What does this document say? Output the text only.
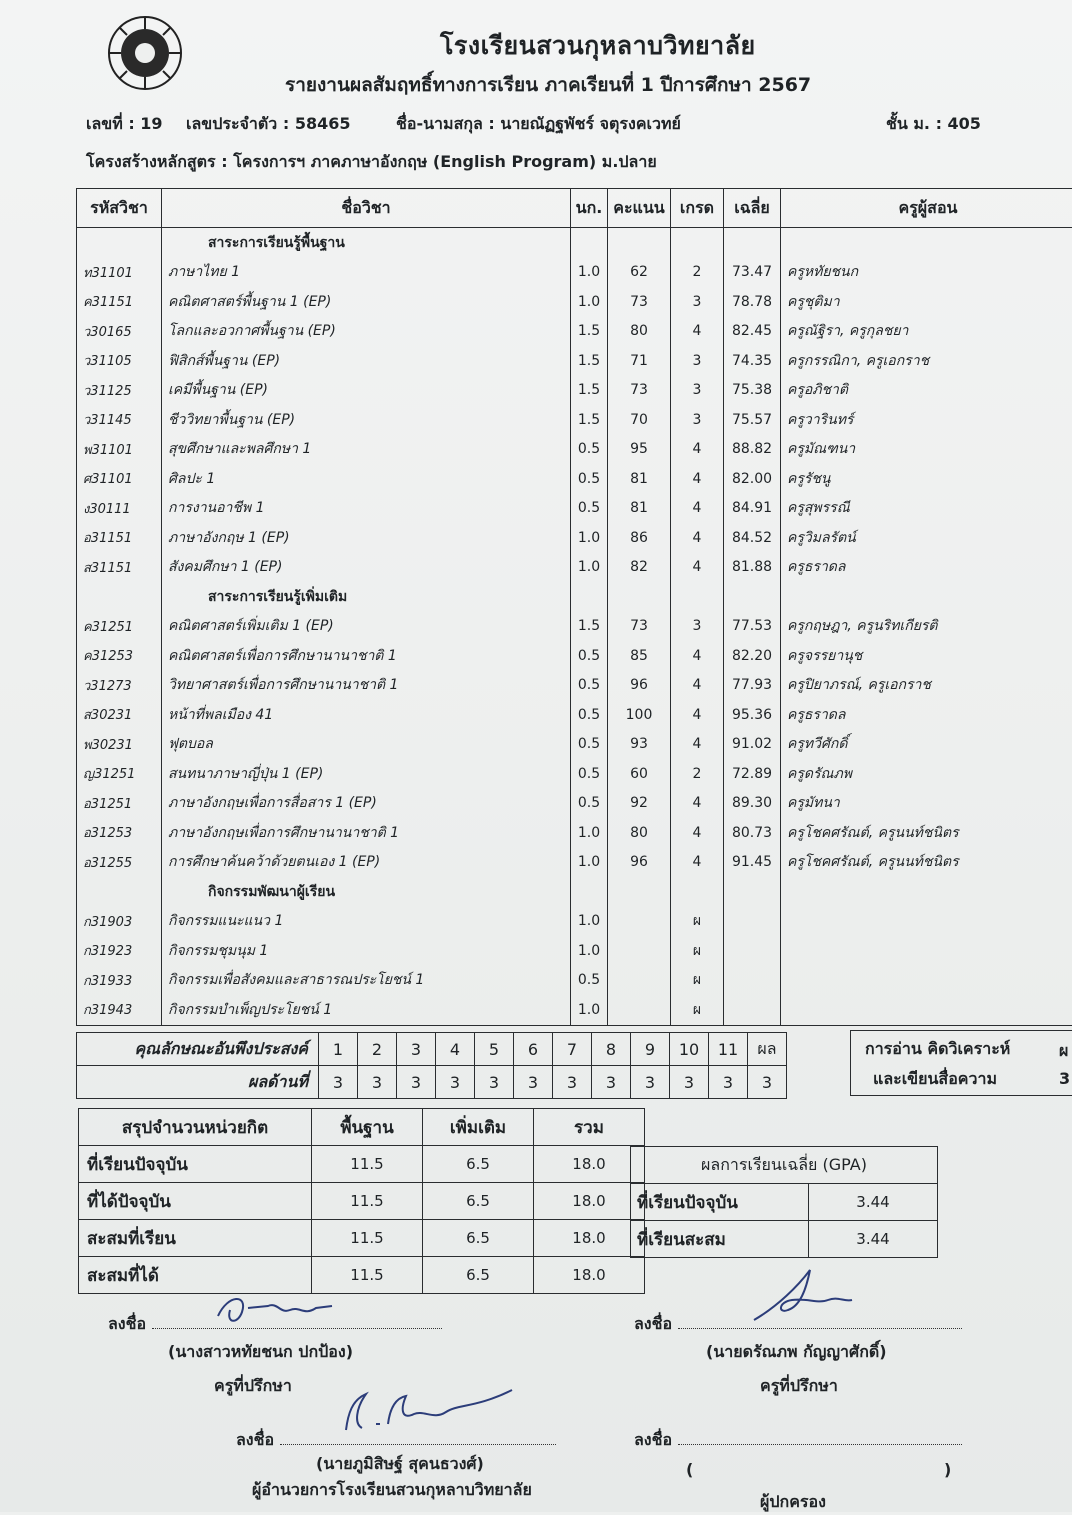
โรงเรียนสวนกุหลาบวิทยาลัย
รายงานผลสัมฤทธิ์ทางการเรียน ภาคเรียนที่ 1 ปีการศึกษา 2567
เลขที่ : 19 เลขประจำตัว : 58465	ชื่อ-นามสกุล : นายณัฏฐพัชร์ จตุรงคเวทย์	ชั้น ม. : 405
โครงสร้างหลักสูตร : โครงการฯ ภาคภาษาอังกฤษ (English Program) ม.ปลาย
รหัสวิชา	ชื่อวิชา	นก.	คะแนน	เกรด	เฉลี่ย	ครูผู้สอน
	สาระการเรียนรู้พื้นฐาน					
ท31101	ภาษาไทย 1	1.0	62	2	73.47	ครูหทัยชนก
ค31151	คณิตศาสตร์พื้นฐาน 1 (EP)	1.0	73	3	78.78	ครูชุติมา
ว30165	โลกและอวกาศพื้นฐาน (EP)	1.5	80	4	82.45	ครูณัฐิรา, ครูกุลชยา
ว31105	ฟิสิกส์พื้นฐาน (EP)	1.5	71	3	74.35	ครูกรรณิกา, ครูเอกราช
ว31125	เคมีพื้นฐาน (EP)	1.5	73	3	75.38	ครูอภิชาติ
ว31145	ชีววิทยาพื้นฐาน (EP)	1.5	70	3	75.57	ครูวารินทร์
พ31101	สุขศึกษาและพลศึกษา 1	0.5	95	4	88.82	ครูมัณฑนา
ศ31101	ศิลปะ 1	0.5	81	4	82.00	ครูรัชนู
ง30111	การงานอาชีพ 1	0.5	81	4	84.91	ครูสุพรรณี
อ31151	ภาษาอังกฤษ 1 (EP)	1.0	86	4	84.52	ครูวิมลรัตน์
ส31151	สังคมศึกษา 1 (EP)	1.0	82	4	81.88	ครูธราดล
	สาระการเรียนรู้เพิ่มเติม					
ค31251	คณิตศาสตร์เพิ่มเติม 1 (EP)	1.5	73	3	77.53	ครูกฤษฎา, ครูนริทเกียรติ
ค31253	คณิตศาสตร์เพื่อการศึกษานานาชาติ 1	0.5	85	4	82.20	ครูจรรยานุช
ว31273	วิทยาศาสตร์เพื่อการศึกษานานาชาติ 1	0.5	96	4	77.93	ครูปิยาภรณ์, ครูเอกราช
ส30231	หน้าที่พลเมือง 41	0.5	100	4	95.36	ครูธราดล
พ30231	ฟุตบอล	0.5	93	4	91.02	ครูทวีศักดิ์
ญ31251	สนทนาภาษาญี่ปุ่น 1 (EP)	0.5	60	2	72.89	ครูดรัณภพ
อ31251	ภาษาอังกฤษเพื่อการสื่อสาร 1 (EP)	0.5	92	4	89.30	ครูมัทนา
อ31253	ภาษาอังกฤษเพื่อการศึกษานานาชาติ 1	1.0	80	4	80.73	ครูโชคศรัณต์, ครูนนท์ชนิตร
อ31255	การศึกษาค้นคว้าด้วยตนเอง 1 (EP)	1.0	96	4	91.45	ครูโชคศรัณต์, ครูนนท์ชนิตร
	กิจกรรมพัฒนาผู้เรียน					
ก31903	กิจกรรมแนะแนว 1	1.0		ผ		
ก31923	กิจกรรมชุมนุม 1	1.0		ผ		
ก31933	กิจกรรมเพื่อสังคมและสาธารณประโยชน์ 1	0.5		ผ		
ก31943	กิจกรรมบำเพ็ญประโยชน์ 1	1.0		ผ		
คุณลักษณะอันพึงประสงค์	1	2	3	4	5	6	7	8	9	10	11	ผล
ผลด้านที่	3	3	3	3	3	3	3	3	3	3	3	3
การอ่าน คิดวิเคราะห์
และเขียนสื่อความ
ผ
3
สรุปจำนวนหน่วยกิต	พื้นฐาน	เพิ่มเติม	รวม
ที่เรียนปัจจุบัน	11.5	6.5	18.0
ที่ได้ปัจจุบัน	11.5	6.5	18.0
สะสมที่เรียน	11.5	6.5	18.0
สะสมที่ได้	11.5	6.5	18.0
ผลการเรียนเฉลี่ย (GPA)	
ที่เรียนปัจจุบัน	3.44
ที่เรียนสะสม	3.44
ลงชื่อ
(นางสาวหทัยชนก ปกป้อง)
ครูที่ปรึกษา
ลงชื่อ
(นายดรัณภพ กัญญาศักดิ์)
ครูที่ปรึกษา
ลงชื่อ
(นายภูมิสิษฐ์ สุคนธวงศ์)
ผู้อำนวยการโรงเรียนสวนกุหลาบวิทยาลัย
ลงชื่อ
(	)
ผู้ปกครอง
